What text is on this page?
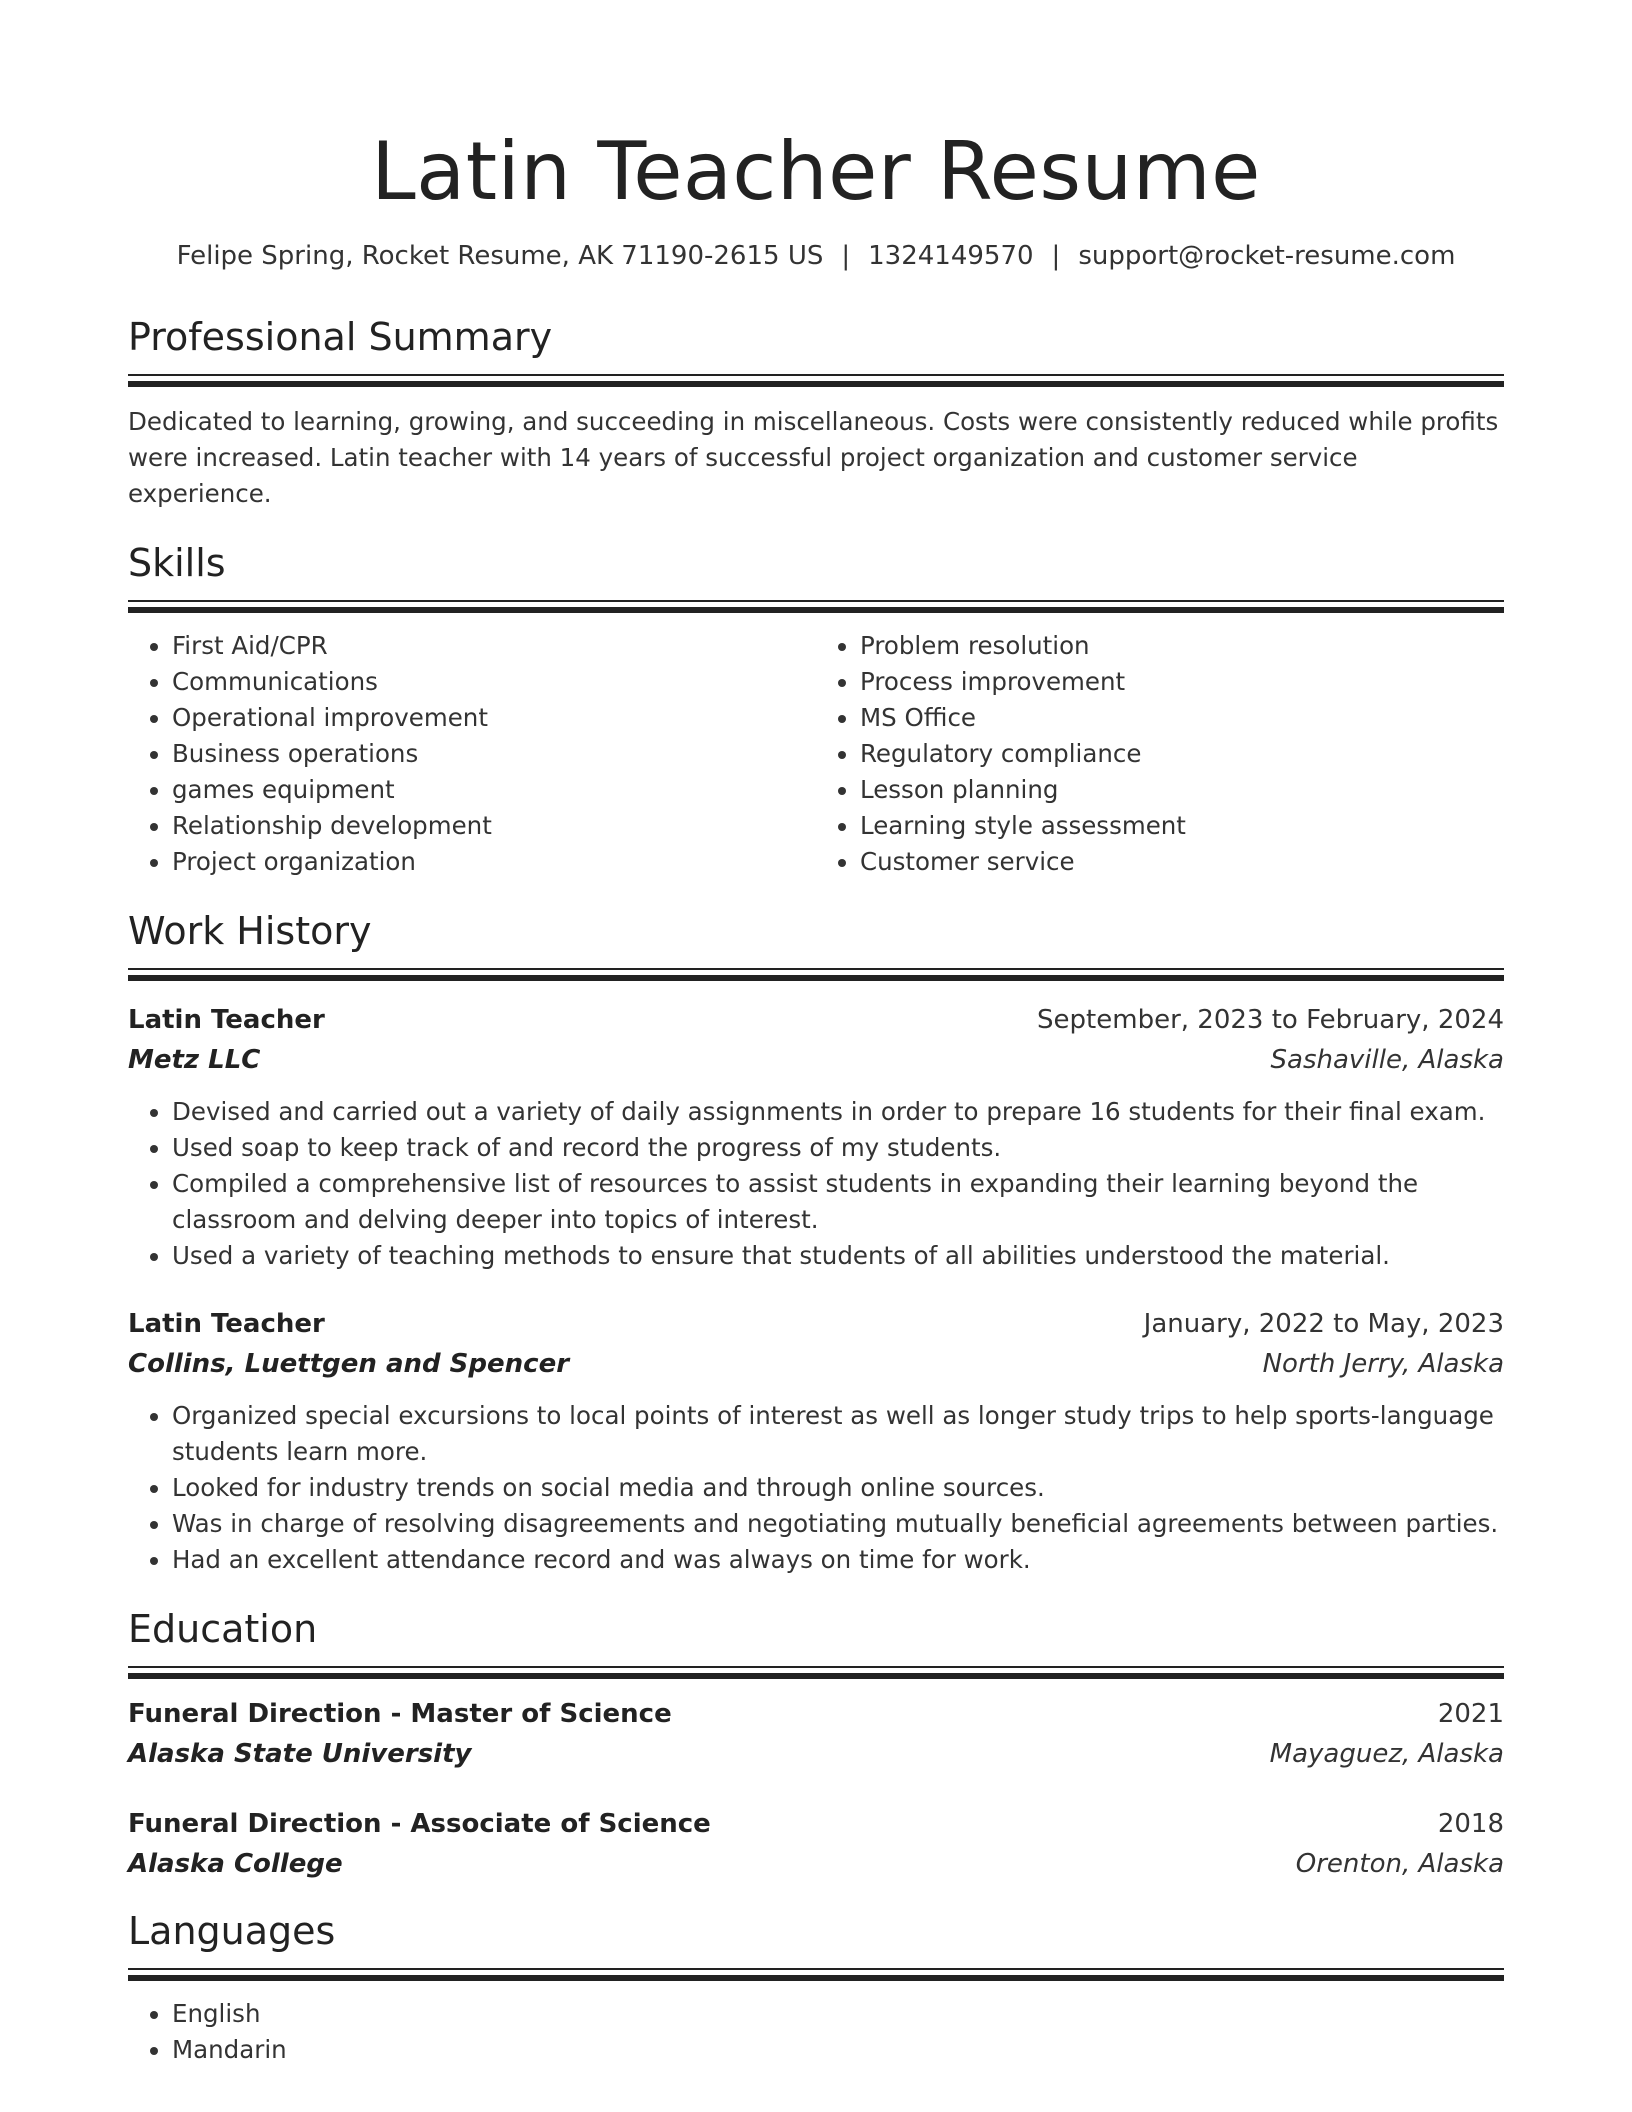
Latin Teacher Resume
Felipe Spring, Rocket Resume, AK 71190-2615 US | 1324149570 | support@rocket-resume.com
Professional Summary
Dedicated to learning, growing, and succeeding in miscellaneous. Costs were consistently reduced while profits were increased. Latin teacher with 14 years of successful project organization and customer service experience.
Skills
• First Aid/CPR
• Communications
• Operational improvement
• Business operations
• games equipment
• Relationship development
• Project organization
• Problem resolution
• Process improvement
• MS Office
• Regulatory compliance
• Lesson planning
• Learning style assessment
• Customer service
Work History
Latin Teacher	September, 2023 to February, 2024
Metz LLC	Sashaville, Alaska
• Devised and carried out a variety of daily assignments in order to prepare 16 students for their final exam.
• Used soap to keep track of and record the progress of my students.
• Compiled a comprehensive list of resources to assist students in expanding their learning beyond the classroom and delving deeper into topics of interest.
• Used a variety of teaching methods to ensure that students of all abilities understood the material.
Latin Teacher	January, 2022 to May, 2023
Collins, Luettgen and Spencer	North Jerry, Alaska
• Organized special excursions to local points of interest as well as longer study trips to help sports-language students learn more.
• Looked for industry trends on social media and through online sources.
• Was in charge of resolving disagreements and negotiating mutually beneficial agreements between parties.
• Had an excellent attendance record and was always on time for work.
Education
Funeral Direction - Master of Science	2021
Alaska State University	Mayaguez, Alaska
Funeral Direction - Associate of Science	2018
Alaska College	Orenton, Alaska
Languages
• English
• Mandarin
